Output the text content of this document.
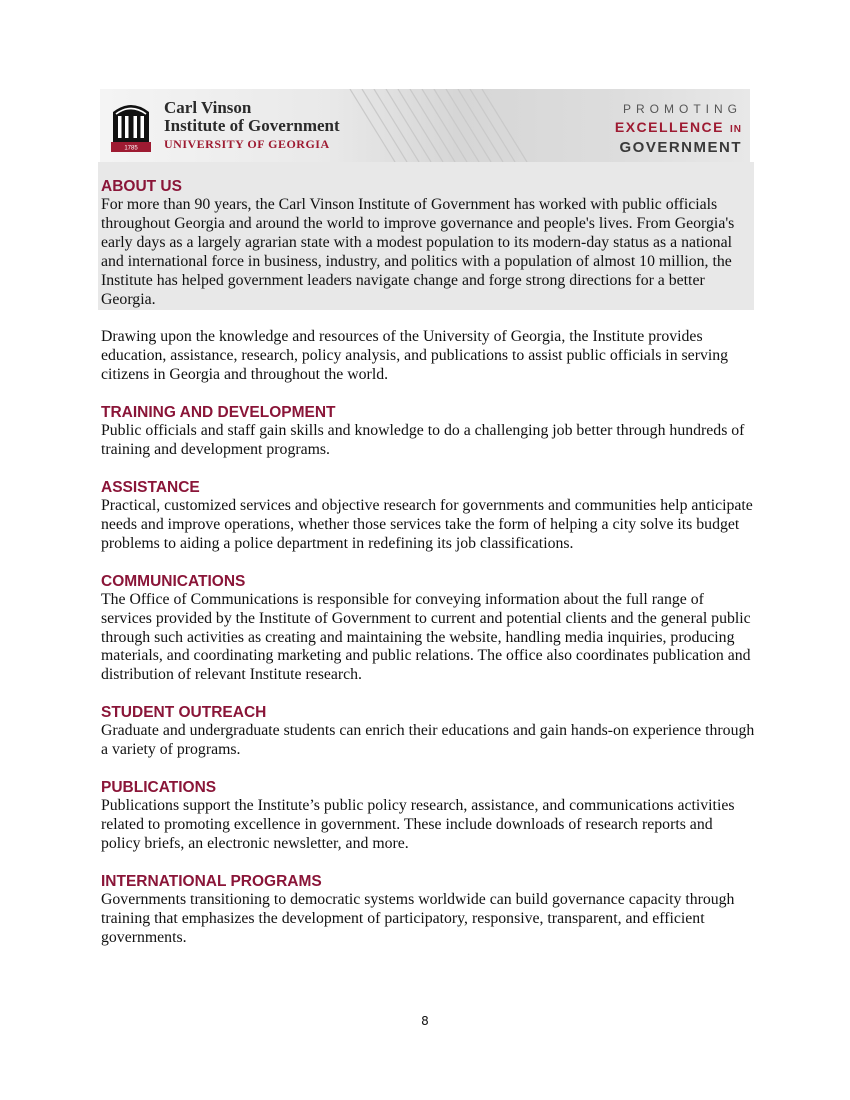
1785
Carl Vinson
Institute of Government
UNIVERSITY OF GEORGIA
PROMOTING
EXCELLENCE IN
GOVERNMENT
ABOUT US

For more than 90 years, the Carl Vinson Institute of Government has worked with public officials throughout Georgia and around the world to improve governance and people's lives. From Georgia's early days as a largely agrarian state with a modest population to its modern-day status as a national and international force in business, industry, and politics with a population of almost 10 million, the Institute has helped government leaders navigate change and forge strong directions for a better Georgia.

Drawing upon the knowledge and resources of the University of Georgia, the Institute provides education, assistance, research, policy analysis, and publications to assist public officials in serving citizens in Georgia and throughout the world.

TRAINING AND DEVELOPMENT

Public officials and staff gain skills and knowledge to do a challenging job better through hundreds of training and development programs.

ASSISTANCE

Practical, customized services and objective research for governments and communities help anticipate needs and improve operations, whether those services take the form of helping a city solve its budget problems to aiding a police department in redefining its job classifications.

COMMUNICATIONS

The Office of Communications is responsible for conveying information about the full range of services provided by the Institute of Government to current and potential clients and the general public through such activities as creating and maintaining the website, handling media inquiries, producing materials, and coordinating marketing and public relations. The office also coordinates publication and distribution of relevant Institute research.

STUDENT OUTREACH

Graduate and undergraduate students can enrich their educations and gain hands-on experience through a variety of programs.

PUBLICATIONS

Publications support the Institute’s public policy research, assistance, and communications activities related to promoting excellence in government. These include downloads of research reports and policy briefs, an electronic newsletter, and more.

INTERNATIONAL PROGRAMS

Governments transitioning to democratic systems worldwide can build governance capacity through training that emphasizes the development of participatory, responsive, transparent, and efficient governments.

8
